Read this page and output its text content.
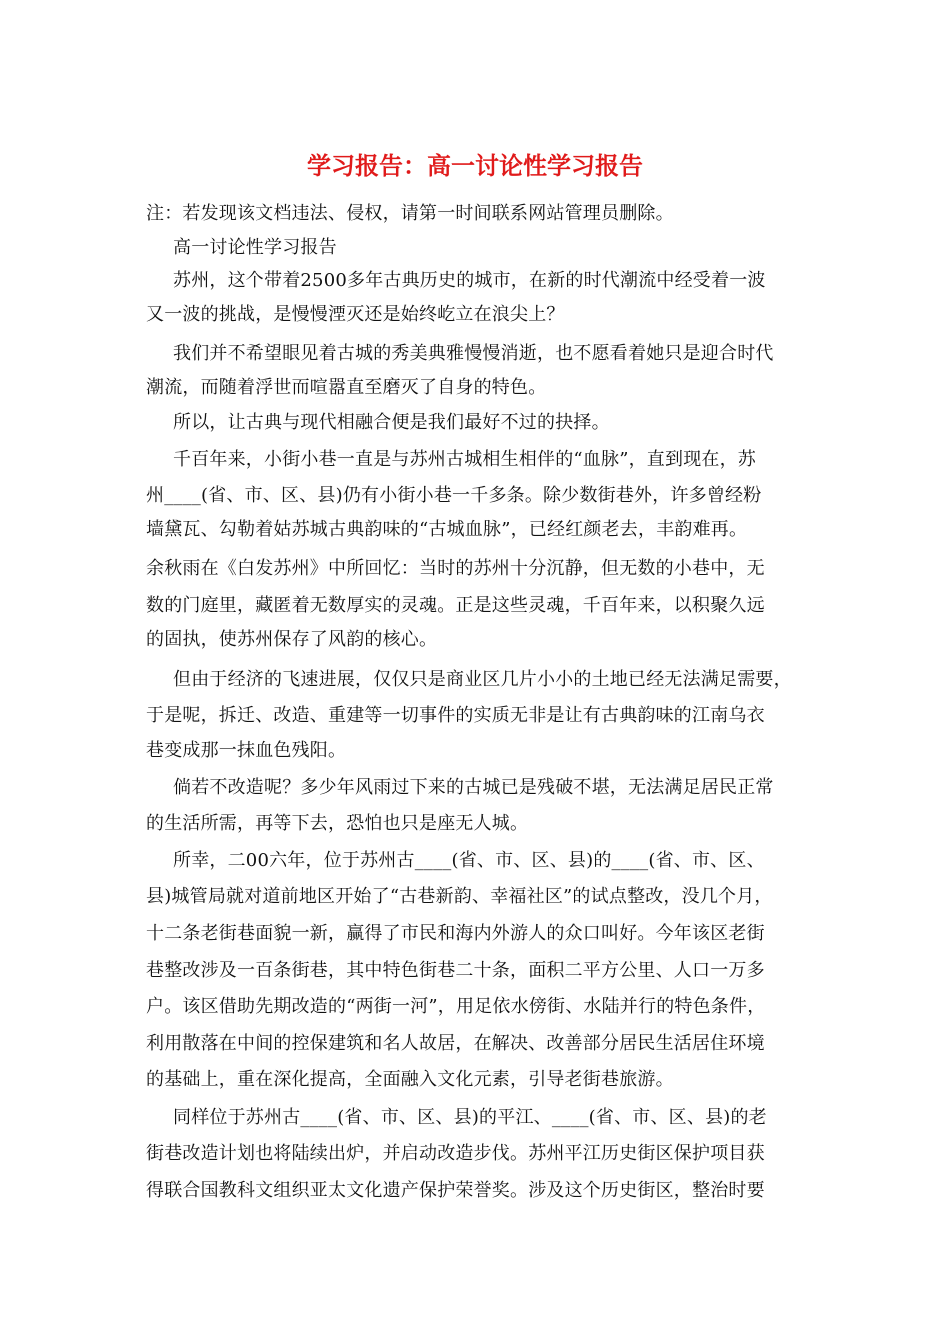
学习报告：高一讨论性学习报告
注：若发现该文档违法、侵权，请第一时间联系网站管理员删除。
高一讨论性学习报告
苏州，这个带着2500多年古典历史的城市，在新的时代潮流中经受着一波
又一波的挑战，是慢慢湮灭还是始终屹立在浪尖上？
我们并不希望眼见着古城的秀美典雅慢慢消逝，也不愿看着她只是迎合时代
潮流，而随着浮世而喧嚣直至磨灭了自身的特色。
所以，让古典与现代相融合便是我们最好不过的抉择。
千百年来，小街小巷一直是与苏州古城相生相伴的“血脉”，直到现在，苏
州____(省、市、区、县)仍有小街小巷一千多条。除少数街巷外，许多曾经粉
墙黛瓦、勾勒着姑苏城古典韵味的“古城血脉”，已经红颜老去，丰韵难再。
余秋雨在《白发苏州》中所回忆：当时的苏州十分沉静，但无数的小巷中，无
数的门庭里，藏匿着无数厚实的灵魂。正是这些灵魂，千百年来，以积聚久远
的固执，使苏州保存了风韵的核心。
但由于经济的飞速进展，仅仅只是商业区几片小小的土地已经无法满足需要，
于是呢，拆迁、改造、重建等一切事件的实质无非是让有古典韵味的江南乌衣
巷变成那一抹血色残阳。
倘若不改造呢？多少年风雨过下来的古城已是残破不堪，无法满足居民正常
的生活所需，再等下去，恐怕也只是座无人城。
所幸，二00六年，位于苏州古____(省、市、区、县)的____(省、市、区、
县)城管局就对道前地区开始了“古巷新韵、幸福社区”的试点整改，没几个月，
十二条老街巷面貌一新，赢得了市民和海内外游人的众口叫好。今年该区老街
巷整改涉及一百条街巷，其中特色街巷二十条，面积二平方公里、人口一万多
户。该区借助先期改造的“两街一河”，用足依水傍街、水陆并行的特色条件，
利用散落在中间的控保建筑和名人故居，在解决、改善部分居民生活居住环境
的基础上，重在深化提高，全面融入文化元素，引导老街巷旅游。
同样位于苏州古____(省、市、区、县)的平江、____(省、市、区、县)的老
街巷改造计划也将陆续出炉，并启动改造步伐。苏州平江历史街区保护项目获
得联合国教科文组织亚太文化遗产保护荣誉奖。涉及这个历史街区，整治时要
